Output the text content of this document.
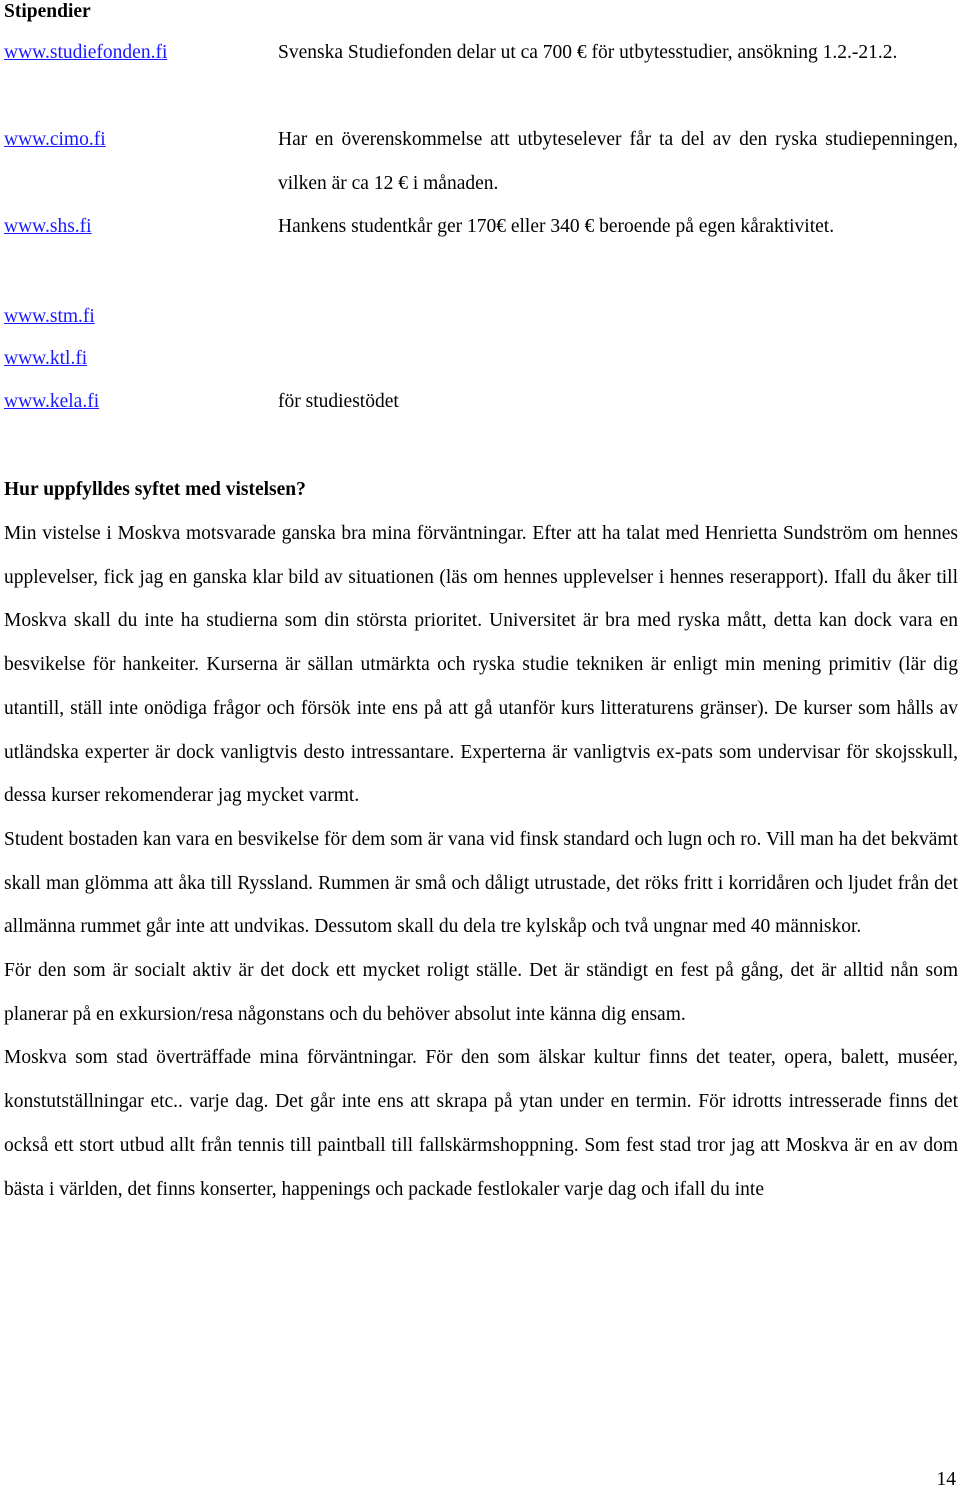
Stipendier
www.studiefonden.fi	Svenska Studiefonden delar ut ca 700 € för utbytesstudier, ansökning 1.2.-21.2.
www.cimo.fi	Har en överenskommelse att utbyteselever får ta del av den ryska studiepenningen, vilken är ca 12 € i månaden.
www.shs.fi	Hankens studentkår ger 170€ eller 340 € beroende på egen kåraktivitet.
www.stm.fi
www.ktl.fi
www.kela.fi	för studiestödet
Hur uppfylldes syftet med vistelsen?

Min vistelse i Moskva motsvarade ganska bra mina förväntningar. Efter att ha talat med Henrietta Sundström om hennes upplevelser, fick jag en ganska klar bild av situationen (läs om hennes upplevelser i hennes reserapport). Ifall du åker till Moskva skall du inte ha studierna som din största prioritet. Universitet är bra med ryska mått, detta kan dock vara en besvikelse för hankeiter. Kurserna är sällan utmärkta och ryska studie tekniken är enligt min mening primitiv (lär dig utantill, ställ inte onödiga frågor och försök inte ens på att gå utanför kurs litteraturens gränser). De kurser som hålls av utländska experter är dock vanligtvis desto intressantare. Experterna är vanligtvis ex-pats som undervisar för skojsskull, dessa kurser rekomenderar jag mycket varmt.

Student bostaden kan vara en besvikelse för dem som är vana vid finsk standard och lugn och ro. Vill man ha det bekvämt skall man glömma att åka till Ryssland. Rummen är små och dåligt utrustade, det röks fritt i korridåren och ljudet från det allmänna rummet går inte att undvikas. Dessutom skall du dela tre kylskåp och två ungnar med 40 människor.

För den som är socialt aktiv är det dock ett mycket roligt ställe. Det är ständigt en fest på gång, det är alltid nån som planerar på en exkursion/resa någonstans och du behöver absolut inte känna dig ensam.

Moskva som stad överträffade mina förväntningar. För den som älskar kultur finns det teater, opera, balett, muséer, konstutställningar etc.. varje dag. Det går inte ens att skrapa på ytan under en termin. För idrotts intresserade finns det också ett stort utbud allt från tennis till paintball till fallskärmshoppning. Som fest stad tror jag att Moskva är en av dom bästa i världen, det finns konserter, happenings och packade festlokaler varje dag och ifall du inte

14
